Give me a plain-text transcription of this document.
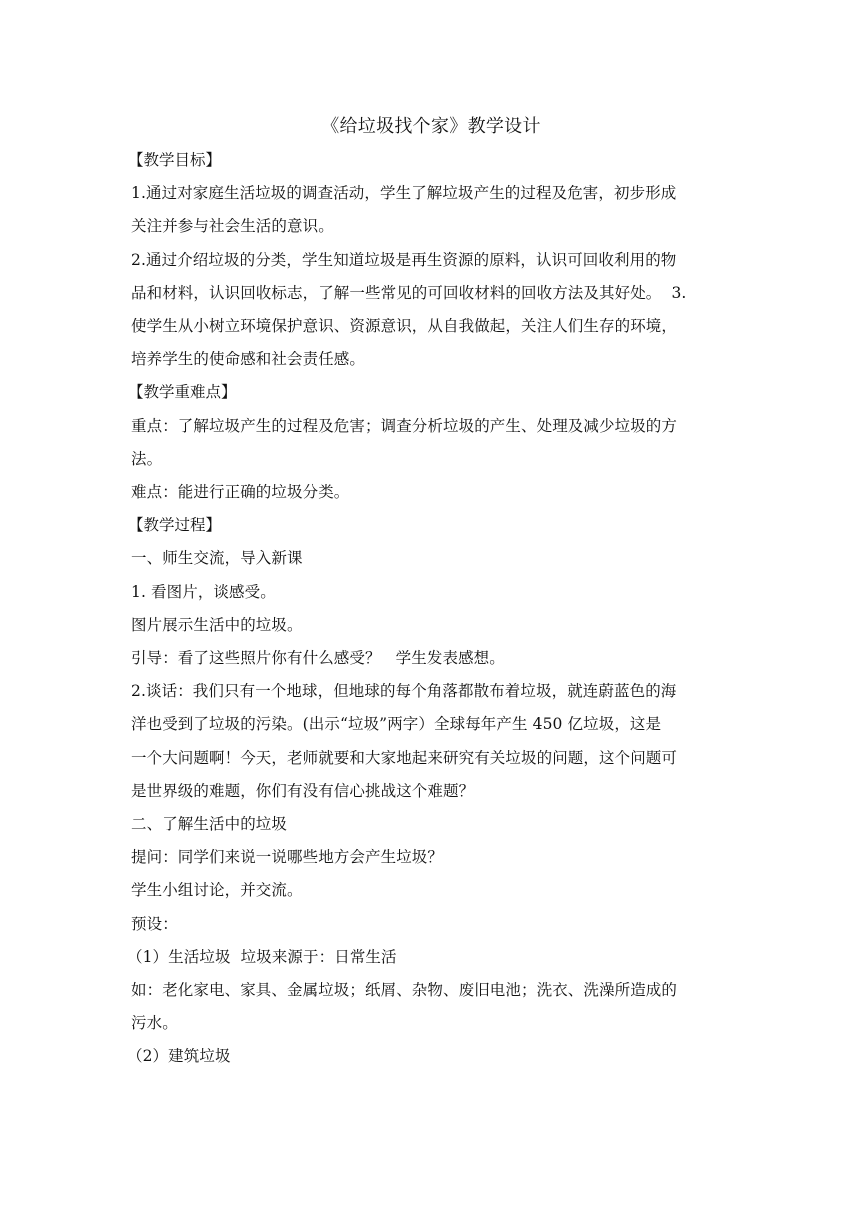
《给垃圾找个家》教学设计

【教学目标】

1.通过对家庭生活垃圾的调查活动，学生了解垃圾产生的过程及危害，初步形成

关注并参与社会生活的意识。

2.通过介绍垃圾的分类，学生知道垃圾是再生资源的原料，认识可回收利用的物

品和材料，认识回收标志，了解一些常见的可回收材料的回收方法及其好处。  3.

使学生从小树立环境保护意识、资源意识，从自我做起，关注人们生存的环境，

培养学生的使命感和社会责任感。

【教学重难点】

重点：了解垃圾产生的过程及危害；调查分析垃圾的产生、处理及减少垃圾的方

法。

难点：能进行正确的垃圾分类。

【教学过程】

一、师生交流，导入新课

1. 看图片，谈感受。

图片展示生活中的垃圾。

引导：看了这些照片你有什么感受？   学生发表感想。

2.谈话：我们只有一个地球，但地球的每个角落都散布着垃圾，就连蔚蓝色的海

洋也受到了垃圾的污染。(出示“垃圾”两字）全球每年产生 450 亿垃圾，这是

一个大问题啊！今天，老师就要和大家地起来研究有关垃圾的问题，这个问题可

是世界级的难题，你们有没有信心挑战这个难题？

二、了解生活中的垃圾

提问：同学们来说一说哪些地方会产生垃圾？

学生小组讨论，并交流。

预设：

（1）生活垃圾  垃圾来源于：日常生活

如：老化家电、家具、金属垃圾；纸屑、杂物、废旧电池；洗衣、洗澡所造成的

污水。

（2）建筑垃圾
